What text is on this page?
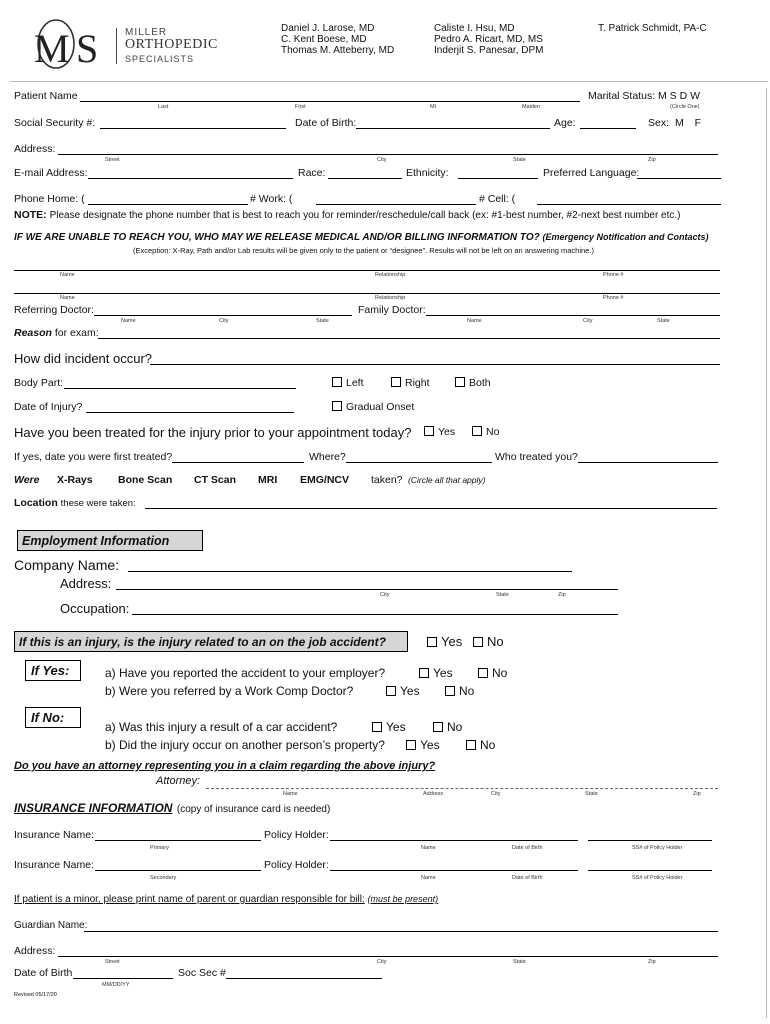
M S	MILLER
ORTHOPEDIC
SPECIALISTS
Daniel J. Larose, MD
C. Kent Boese, MD
Thomas M. Atteberry, MD
Caliste I. Hsu, MD
Pedro A. Ricart, MD, MS
Inderjit S. Panesar, DPM
T. Patrick Schmidt, PA-C
Patient Name	Marital Status: M S D W
Last	First	MI	Maiden	(Circle One)
Social Security #:	Date of Birth:	Age:	Sex: M F
Address:
Street	City	State	Zip
E-mail Address:	Race:	Ethnicity:	Preferred Language:
Phone Home: (	# Work: (	# Cell: (
NOTE: Please designate the phone number that is best to reach you for reminder/reschedule/call back (ex: #1-best number, #2-next best number etc.)
IF WE ARE UNABLE TO REACH YOU, WHO MAY WE RELEASE MEDICAL AND/OR BILLING INFORMATION TO? (Emergency Notification and Contacts)
(Exception: X-Ray, Path and/or Lab results will be given only to the patient or “designee”. Results will not be left on an answering machine.)
Name	Relationship	Phone #
Name	Relationship	Phone #
Referring Doctor:	Family Doctor:
Name	City	State	Name	City	State
Reason for exam:
How did incident occur?
Body Part:	Left	Right	Both
Date of Injury?	Gradual Onset
Have you been treated for the injury prior to your appointment today?	Yes	No
If yes, date you were first treated?	Where?	Who treated you?
Were X-Rays Bone Scan CT Scan MRI EMG/NCV taken? (Circle all that apply)
Location these were taken:
Employment Information
Company Name:
Address:
City	State	Zip
Occupation:
If this is an injury, is the injury related to an on the job accident?	Yes	No
If Yes:	a) Have you reported the accident to your employer?	Yes	No
b) Were you referred by a Work Comp Doctor?	Yes	No
If No:
a) Was this injury a result of a car accident?	Yes	No
b) Did the injury occur on another person’s property?	Yes	No
Do you have an attorney representing you in a claim regarding the above injury?
Attorney:
Name	Address	City	State	Zip
INSURANCE INFORMATION (copy of insurance card is needed)
Insurance Name:	Policy Holder:
Primary	Name	Date of Birth	SS# of Policy Holder
Insurance Name:	Policy Holder:
Secondary	Name	Date of Birth	SS# of Policy Holder
If patient is a minor, please print name of parent or guardian responsible for bill: (must be present)
Guardian Name:
Address:
Street	City	State	Zip
Date of Birth	Soc Sec #
MM/DD/YY
Revised 05/17/20
